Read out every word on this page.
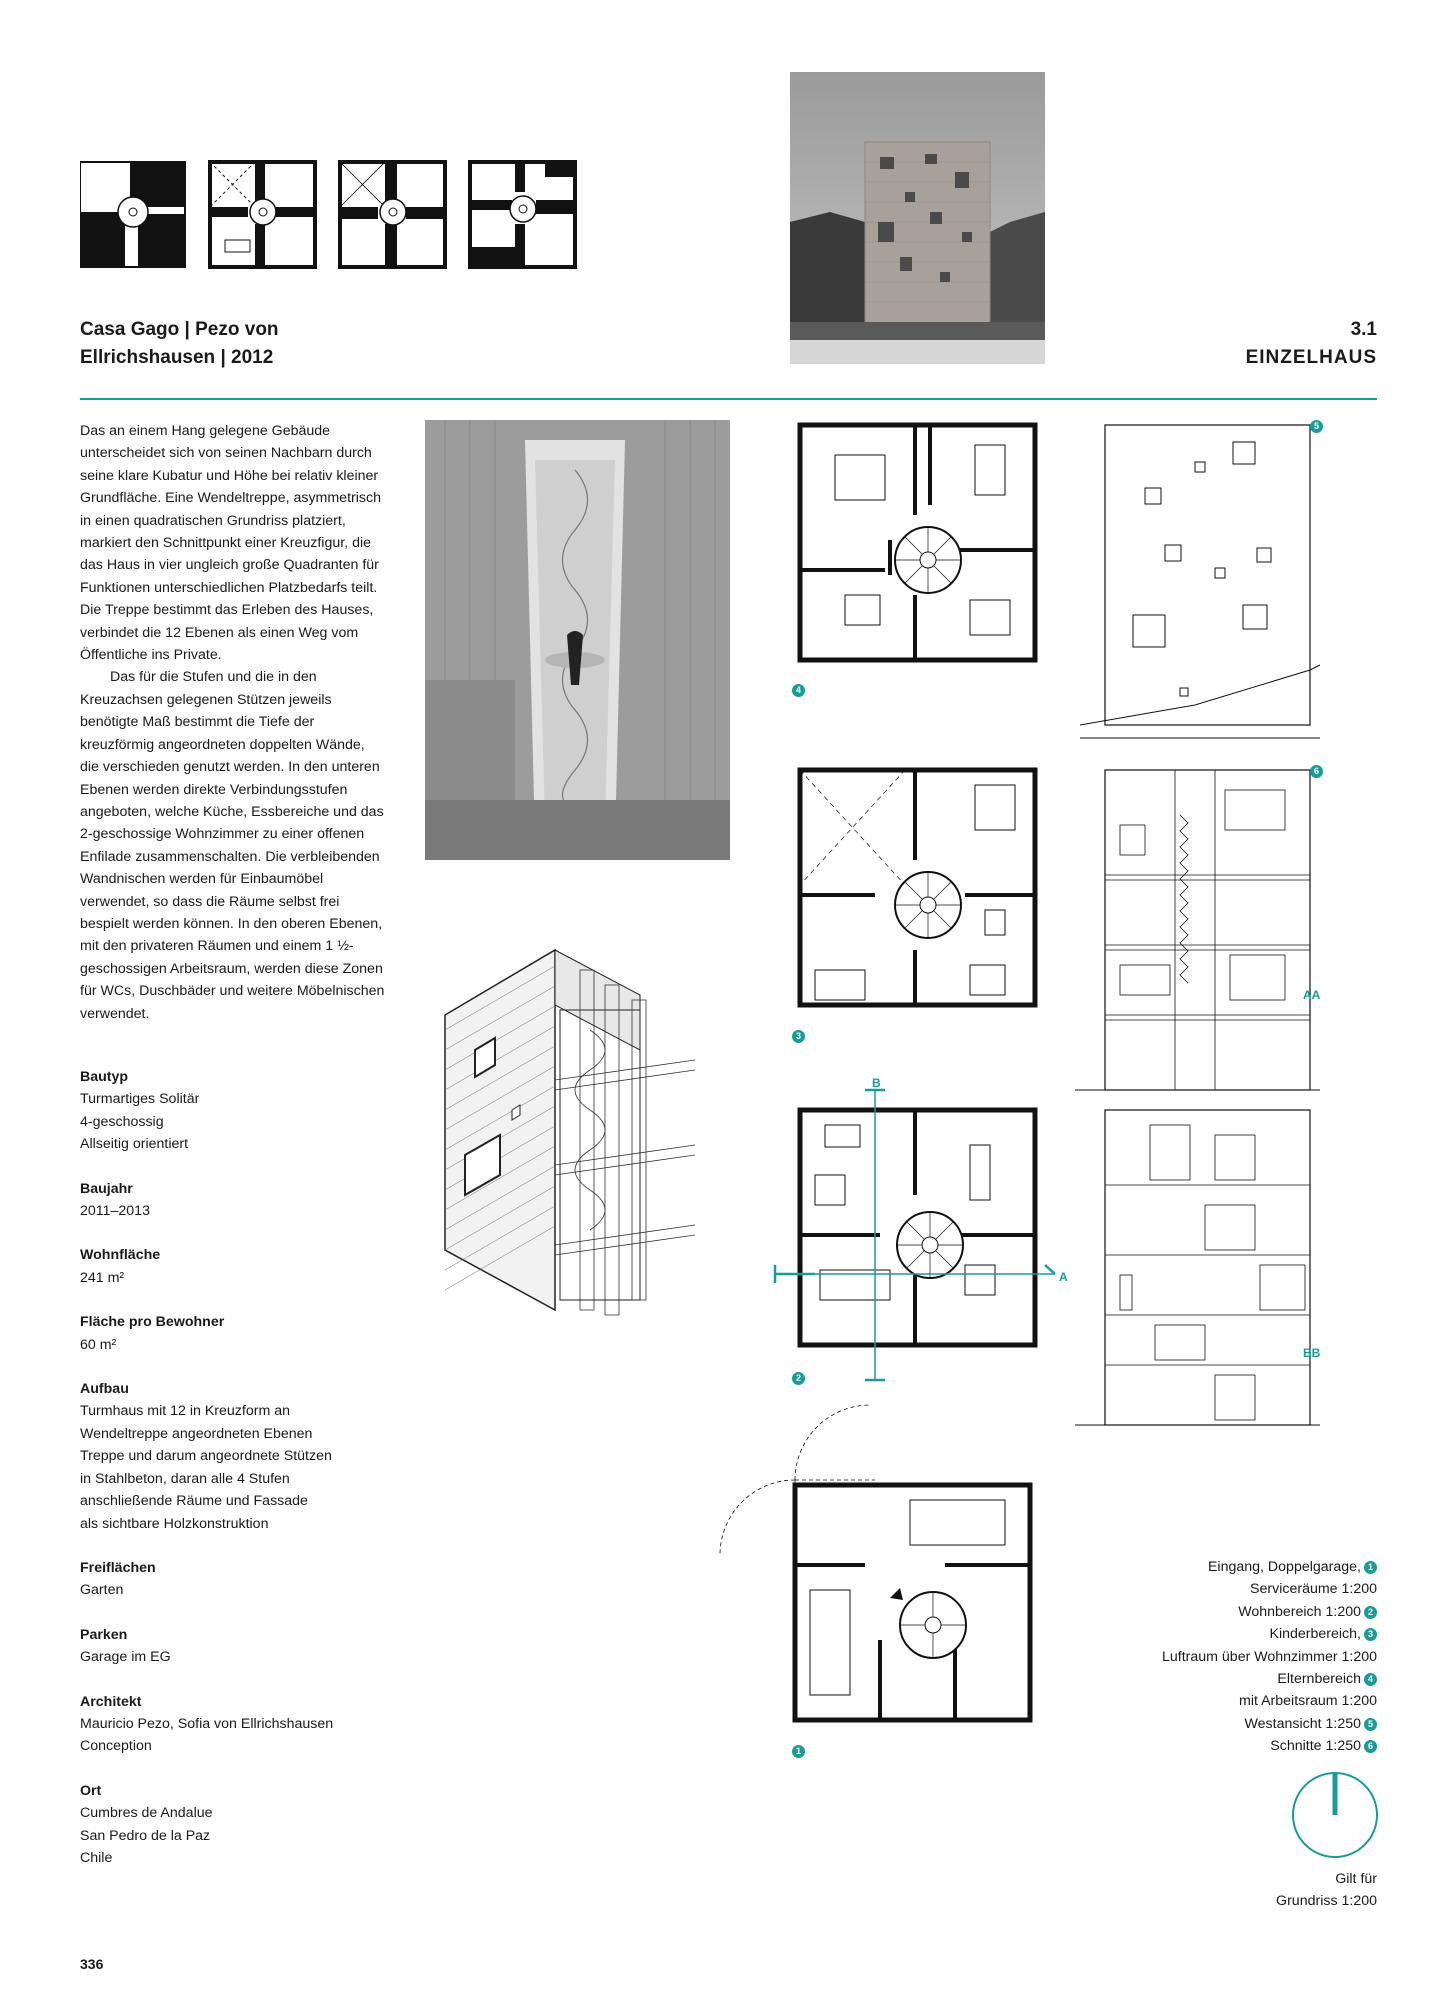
Casa Gago | Pezo von
Ellrichshausen | 2012
3.1
EINZELHAUS

Das an einem Hang gelegene Gebäude unterscheidet sich von seinen Nachbarn durch seine klare Kubatur und Höhe bei relativ kleiner Grundfläche. Eine Wendeltreppe, asymmetrisch in einen quadratischen Grundriss platziert, markiert den Schnittpunkt einer Kreuzfigur, die das Haus in vier ungleich große Quadranten für Funktionen unterschiedlichen Platzbedarfs teilt. Die Treppe bestimmt das Erleben des Hauses, verbindet die 12 Ebenen als einen Weg vom Öffentliche ins Private.

Das für die Stufen und die in den Kreuzachsen gelegenen Stützen jeweils benötigte Maß bestimmt die Tiefe der kreuzförmig angeordneten doppelten Wände, die verschieden genutzt werden. In den unteren Ebenen werden direkte Verbindungsstufen angeboten, welche Küche, Essbereiche und das 2-geschossige Wohnzimmer zu einer offenen Enfilade zusammenschalten. Die verbleibenden Wandnischen werden für Einbaumöbel verwendet, so dass die Räume selbst frei bespielt werden können. In den oberen Ebenen, mit den privateren Räumen und einem 1 ½-geschossigen Arbeitsraum, werden diese Zonen für WCs, Duschbäder und weitere Möbelnischen verwendet.

Bautyp
Turmartiges Solitär
4-geschossig
Allseitig orientiert
Baujahr
2011–2013
Wohnfläche
241 m²
Fläche pro Bewohner
60 m²
Aufbau
Turmhaus mit 12 in Kreuzform an
Wendeltreppe angeordneten Ebenen
Treppe und darum angeordnete Stützen
in Stahlbeton, daran alle 4 Stufen
anschließende Räume und Fassade
als sichtbare Holzkonstruktion
Freiflächen
Garten
Parken
Garage im EG
Architekt
Mauricio Pezo, Sofia von Ellrichshausen
Conception
Ort
Cumbres de Andalue
San Pedro de la Paz
Chile
4
3
B
A
2
1
5
6
AA
BB
Eingang, Doppelgarage, 1
Serviceräume 1:200
Wohnbereich 1:200 2
Kinderbereich, 3
Luftraum über Wohnzimmer 1:200
Elternbereich 4
mit Arbeitsraum 1:200
Westansicht 1:250 5
Schnitte 1:250 6
Gilt für
Grundriss 1:200
336
